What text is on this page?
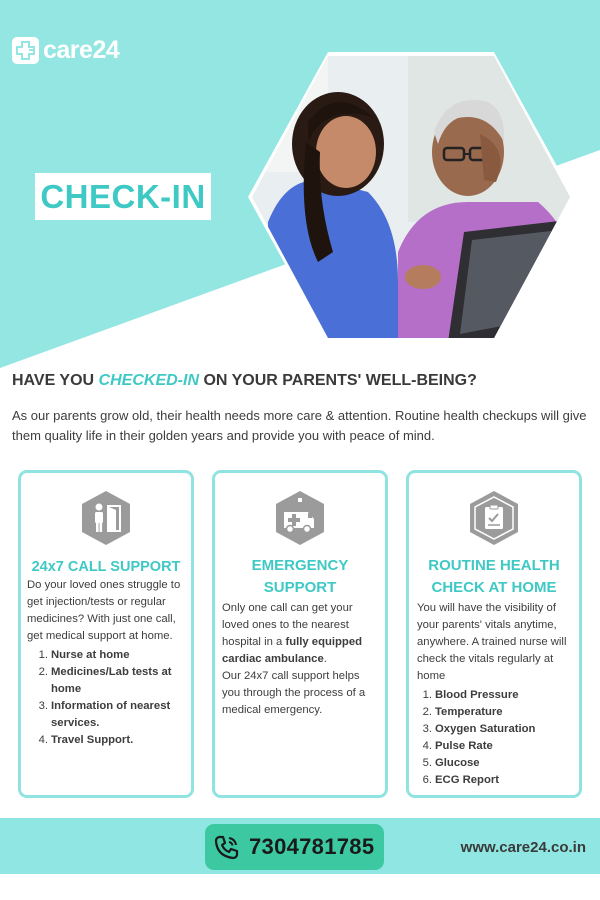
care24
CHECK-IN
HAVE YOU CHECKED-IN ON YOUR PARENTS' WELL-BEING?

As our parents grow old, their health needs more care & attention. Routine health checkups will give them quality life in their golden years and provide you with peace of mind.

24x7 CALL SUPPORT
Do your loved ones struggle to get injection/tests or regular medicines? With just one call, get medical support at home.
1. Nurse at home
2. Medicines/Lab tests at home
3. Information of nearest services.
4. Travel Support.
EMERGENCY
SUPPORT
Only one call can get your loved ones to the nearest hospital in a fully equipped cardiac ambulance.
Our 24x7 call support helps you through the process of a medical emergency.
ROUTINE HEALTH
CHECK AT HOME
You will have the visibility of your parents' vitals anytime, anywhere. A trained nurse will check the vitals regularly at home
1. Blood Pressure
2. Temperature
3. Oxygen Saturation
4. Pulse Rate
5. Glucose
6. ECG Report
7304781785	www.care24.co.in
